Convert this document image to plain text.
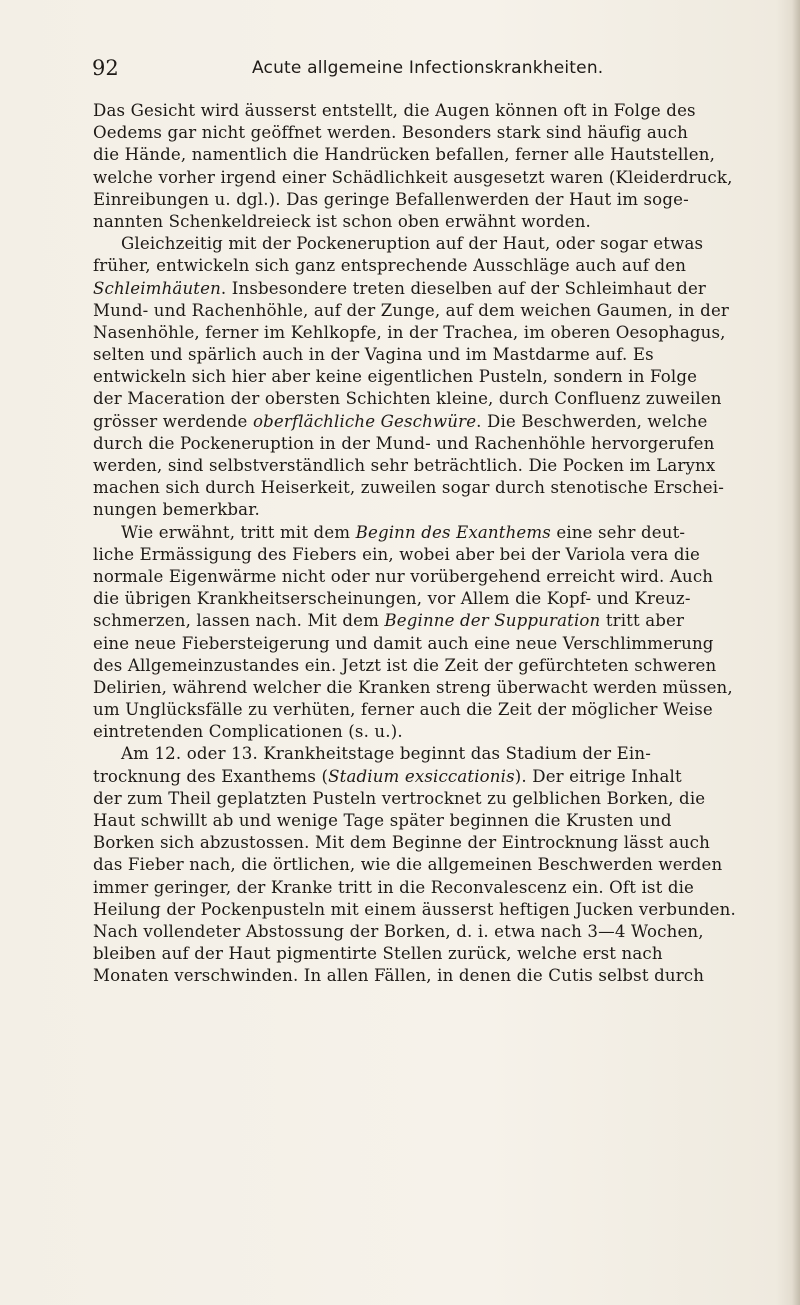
92	Acute allgemeine Infectionskrankheiten.
Das Gesicht wird äusserst entstellt, die Augen können oft in Folge des
Oedems gar nicht geöffnet werden. Besonders stark sind häufig auch
die Hände, namentlich die Handrücken befallen, ferner alle Hautstellen,
welche vorher irgend einer Schädlichkeit ausgesetzt waren (Kleiderdruck,
Einreibungen u. dgl.). Das geringe Befallenwerden der Haut im soge-
nannten Schenkeldreieck ist schon oben erwähnt worden.
Gleichzeitig mit der Pockeneruption auf der Haut, oder sogar etwas
früher, entwickeln sich ganz entsprechende Ausschläge auch auf den
Schleimhäuten. Insbesondere treten dieselben auf der Schleimhaut der
Mund- und Rachenhöhle, auf der Zunge, auf dem weichen Gaumen, in der
Nasenhöhle, ferner im Kehlkopfe, in der Trachea, im oberen Oesophagus,
selten und spärlich auch in der Vagina und im Mastdarme auf. Es
entwickeln sich hier aber keine eigentlichen Pusteln, sondern in Folge
der Maceration der obersten Schichten kleine, durch Confluenz zuweilen
grösser werdende oberflächliche Geschwüre. Die Beschwerden, welche
durch die Pockeneruption in der Mund- und Rachenhöhle hervorgerufen
werden, sind selbstverständlich sehr beträchtlich. Die Pocken im Larynx
machen sich durch Heiserkeit, zuweilen sogar durch stenotische Erschei-
nungen bemerkbar.
Wie erwähnt, tritt mit dem Beginn des Exanthems eine sehr deut-
liche Ermässigung des Fiebers ein, wobei aber bei der Variola vera die
normale Eigenwärme nicht oder nur vorübergehend erreicht wird. Auch
die übrigen Krankheitserscheinungen, vor Allem die Kopf- und Kreuz-
schmerzen, lassen nach. Mit dem Beginne der Suppuration tritt aber
eine neue Fiebersteigerung und damit auch eine neue Verschlimmerung
des Allgemeinzustandes ein. Jetzt ist die Zeit der gefürchteten schweren
Delirien, während welcher die Kranken streng überwacht werden müssen,
um Unglücksfälle zu verhüten, ferner auch die Zeit der möglicher Weise
eintretenden Complicationen (s. u.).
Am 12. oder 13. Krankheitstage beginnt das Stadium der Ein-
trocknung des Exanthems (Stadium exsiccationis). Der eitrige Inhalt
der zum Theil geplatzten Pusteln vertrocknet zu gelblichen Borken, die
Haut schwillt ab und wenige Tage später beginnen die Krusten und
Borken sich abzustossen. Mit dem Beginne der Eintrocknung lässt auch
das Fieber nach, die örtlichen, wie die allgemeinen Beschwerden werden
immer geringer, der Kranke tritt in die Reconvalescenz ein. Oft ist die
Heilung der Pockenpusteln mit einem äusserst heftigen Jucken verbunden.
Nach vollendeter Abstossung der Borken, d. i. etwa nach 3—4 Wochen,
bleiben auf der Haut pigmentirte Stellen zurück, welche erst nach
Monaten verschwinden. In allen Fällen, in denen die Cutis selbst durch
